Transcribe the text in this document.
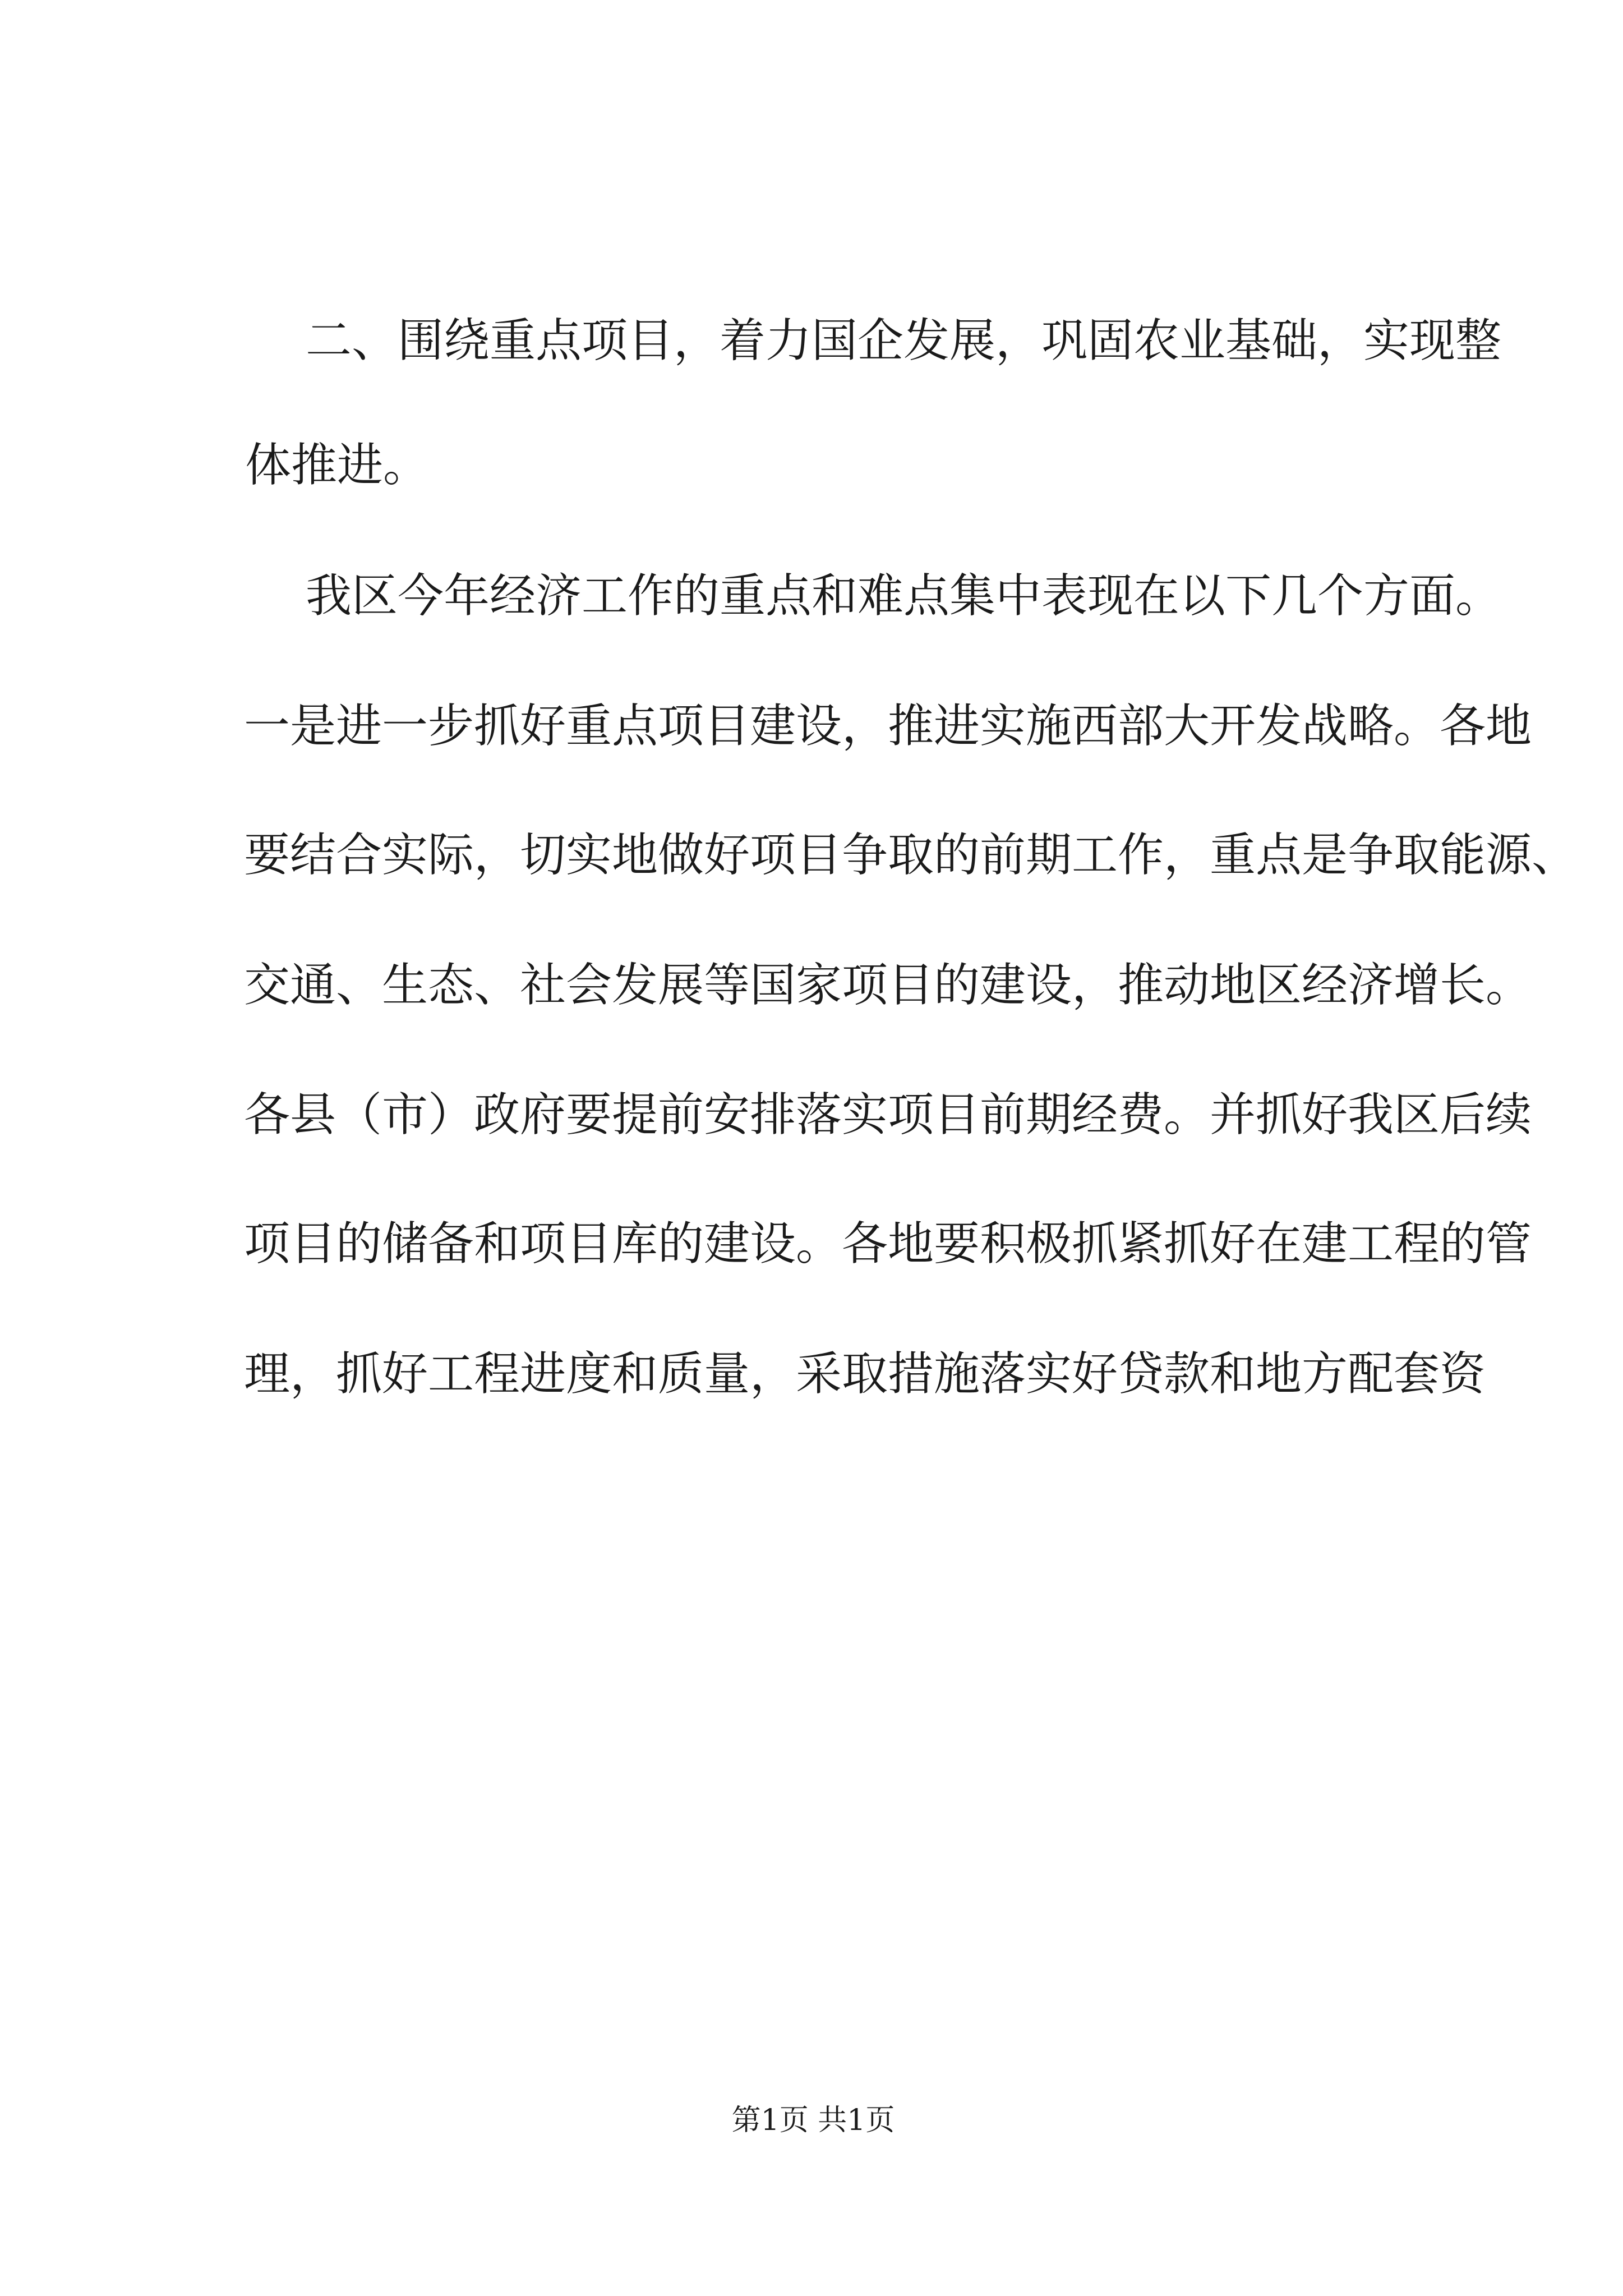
二、围绕重点项目，着力国企发展，巩固农业基础，实现整
体推进。
我区今年经济工作的重点和难点集中表现在以下几个方面。
一是进一步抓好重点项目建设，推进实施西部大开发战略。各地
要结合实际，切实地做好项目争取的前期工作，重点是争取能源、
交通、生态、社会发展等国家项目的建设，推动地区经济增长。
各县（市）政府要提前安排落实项目前期经费。并抓好我区后续
项目的储备和项目库的建设。各地要积极抓紧抓好在建工程的管
理，抓好工程进度和质量，采取措施落实好贷款和地方配套资
第1页 共1页
